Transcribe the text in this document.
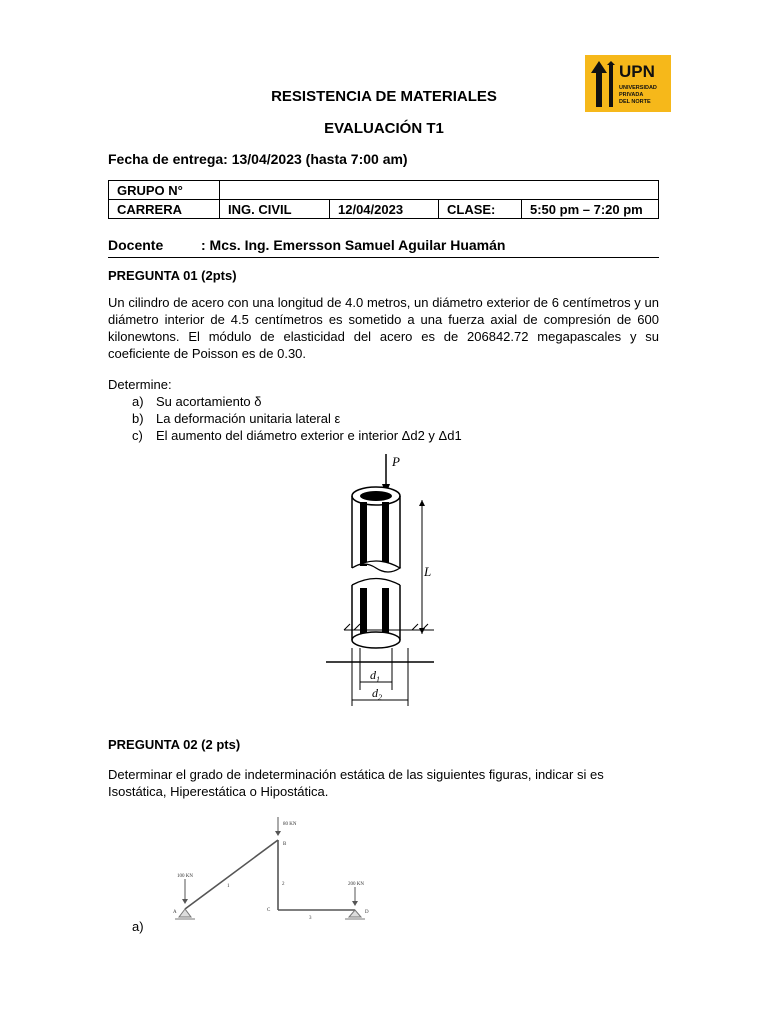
UPN
UNIVERSIDAD
PRIVADA
DEL NORTE
RESISTENCIA DE MATERIALES
EVALUACIÓN T1
Fecha de entrega: 13/04/2023 (hasta 7:00 am)
GRUPO N°				
CARRERA	ING. CIVIL	12/04/2023	CLASE:	5:50 pm – 7:20 pm
Docente	: Mcs. Ing. Emersson Samuel Aguilar Huamán
PREGUNTA 01 (2pts)
Un cilindro de acero con una longitud de 4.0 metros, un diámetro exterior de 6 centímetros y un diámetro interior de 4.5 centímetros es sometido a una fuerza axial de compresión de 600 kilonewtons. El módulo de elasticidad del acero es de 206842.72 megapascales y su coeficiente de Poisson es de 0.30.
Determine:
a) Su acortamiento δ
b) La deformación unitaria lateral ε
c) El aumento del diámetro exterior e interior Δd2 y Δd1
P
L
$d_1$
$d_2$
PREGUNTA 02 (2 pts)
Determinar el grado de indeterminación estática de las siguientes figuras, indicar si es Isostática, Hiperestática o Hipostática.
80 KN
100 KN
200 KN
A
B
C	D
1	2
3
a)
